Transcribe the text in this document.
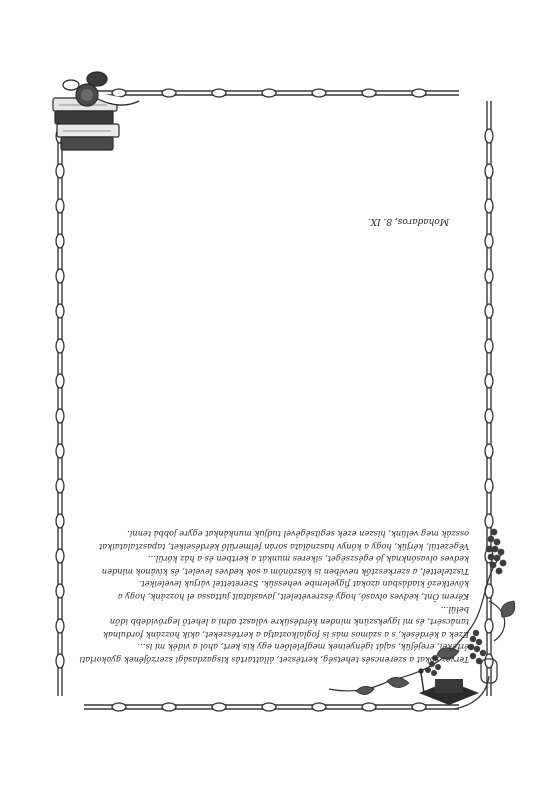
Tervez sokat a szerencsés tehetség, kertészet, állattartás kisgazdasági szerzőjének gyakorlati értékei, erejéjük, saját igényeinek megfelelően egy kis kert, ahol a vidék mi is...

Ezek a kérdések, s a számos más is foglalkoztatja a kertészeket, akik hozzánk fordulnak tanácsért, és mi igyekszünk minden kérdésükre választ adni a lehető legrövidebb időn belül...

Kérem Önt, kedves olvasó, hogy észrevételeit, javaslatait juttassa el hozzánk, hogy a következő kiadásban azokat figyelembe vehessük. Szeretettel várjuk leveleiket.

Tisztelettel, a szerkesztők nevében is köszönöm a sok kedves levelet, és kívánok minden kedves olvasónknak jó egészséget, sikeres munkát a kertben és a ház körül...

Végezetül, kérjük, hogy a könyv használata során felmerülő kérdéseiket, tapasztalataikat osszák meg velünk, hiszen ezek segítségével tudjuk munkánkat egyre jobbá tenni.

Mohadaros, 8. IX.
